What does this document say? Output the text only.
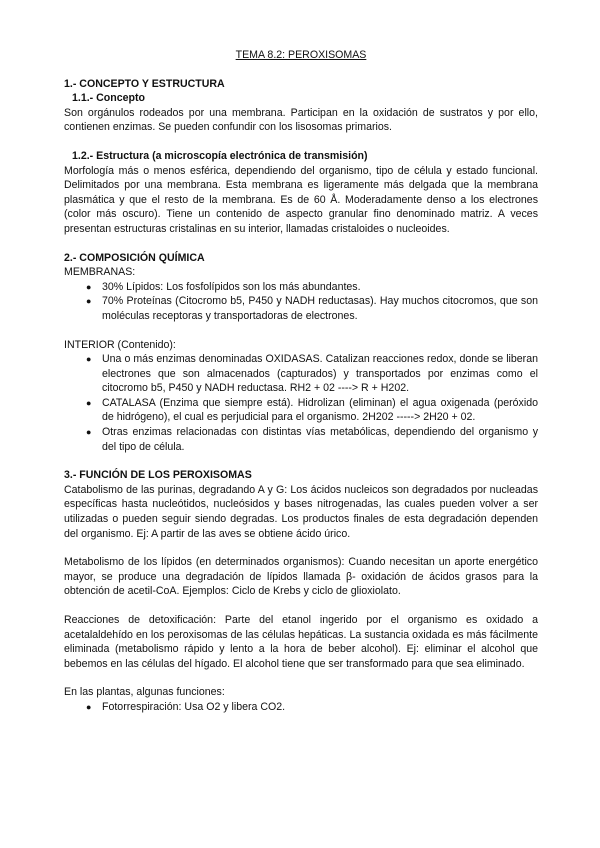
TEMA 8.2: PEROXISOMAS
1.- CONCEPTO Y ESTRUCTURA
1.1.- Concepto

Son orgánulos rodeados por una membrana. Participan en la oxidación de sustratos y por ello, contienen enzimas. Se pueden confundir con los lisosomas primarios.

1.2.- Estructura (a microscopía electrónica de transmisión)

Morfología más o menos esférica, dependiendo del organismo, tipo de célula y estado funcional. Delimitados por una membrana. Esta membrana es ligeramente más delgada que la membrana plasmática y que el resto de la membrana. Es de 60 Å. Moderadamente denso a los electrones (color más oscuro). Tiene un contenido de aspecto granular fino denominado matriz. A veces presentan estructuras cristalinas en su interior, llamadas cristaloides o nucleoides.

2.- COMPOSICIÓN QUÍMICA

MEMBRANAS:

● 30% Lípidos: Los fosfolípidos son los más abundantes.
● 70% Proteínas (Citocromo b5, P450 y NADH reductasas). Hay muchos citocromos, que son moléculas receptoras y transportadoras de electrones.

INTERIOR (Contenido):

● Una o más enzimas denominadas OXIDASAS. Catalizan reacciones redox, donde se liberan electrones que son almacenados (capturados) y transportados por enzimas como el citocromo b5, P450 y NADH reductasa. RH2 + 02 ----> R + H202.
● CATALASA (Enzima que siempre está). Hidrolizan (eliminan) el agua oxigenada (peróxido de hidrógeno), el cual es perjudicial para el organismo. 2H202 -----> 2H20 + 02.
● Otras enzimas relacionadas con distintas vías metabólicas, dependiendo del organismo y del tipo de célula.
3.- FUNCIÓN DE LOS PEROXISOMAS

Catabolismo de las purinas, degradando A y G: Los ácidos nucleicos son degradados por nucleadas específicas hasta nucleótidos, nucleósidos y bases nitrogenadas, las cuales pueden volver a ser utilizadas o pueden seguir siendo degradas. Los productos finales de esta degradación dependen del organismo. Ej: A partir de las aves se obtiene ácido úrico.

Metabolismo de los lípidos (en determinados organismos): Cuando necesitan un aporte energético mayor, se produce una degradación de lípidos llamada β- oxidación de ácidos grasos para la obtención de acetil-CoA. Ejemplos: Ciclo de Krebs y ciclo de glioxiolato.

Reacciones de detoxificación: Parte del etanol ingerido por el organismo es oxidado a acetalaldehído en los peroxisomas de las células hepáticas. La sustancia oxidada es más fácilmente eliminada (metabolismo rápido y lento a la hora de beber alcohol). Ej: eliminar el alcohol que bebemos en las células del hígado. El alcohol tiene que ser transformado para que sea eliminado.

En las plantas, algunas funciones:

● Fotorrespiración: Usa O2 y libera CO2.
